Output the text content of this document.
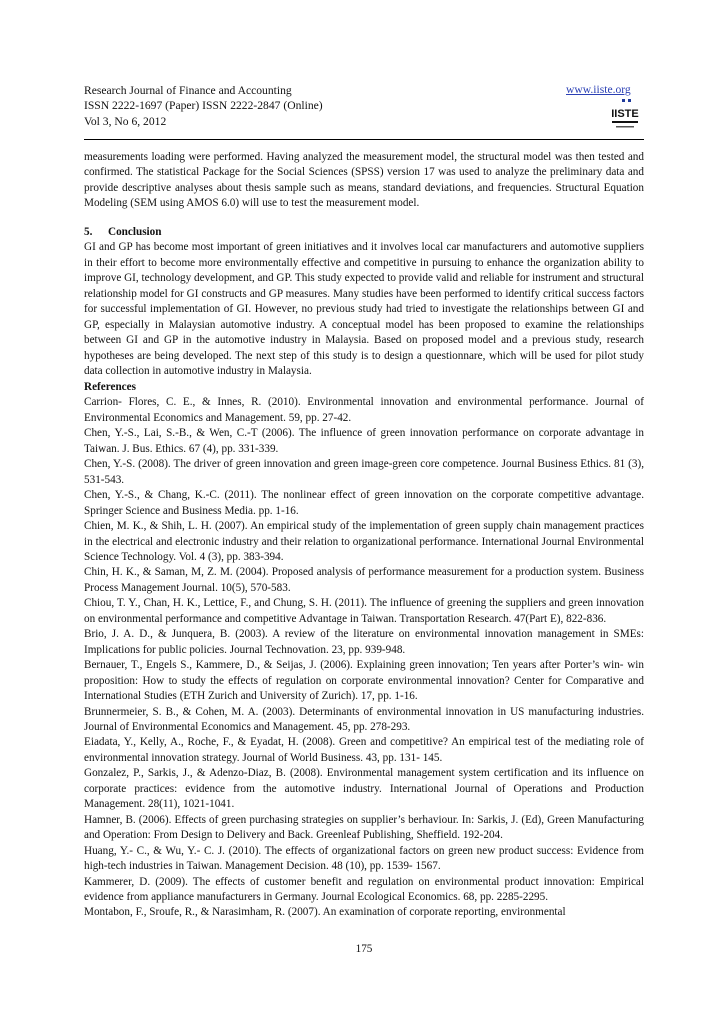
Research Journal of Finance and Accounting
ISSN 2222-1697 (Paper) ISSN 2222-2847 (Online)
Vol 3, No 6, 2012
www.iiste.org
IISTE

measurements loading were performed. Having analyzed the measurement model, the structural model was then tested and confirmed. The statistical Package for the Social Sciences (SPSS) version 17 was used to analyze the preliminary data and provide descriptive analyses about thesis sample such as means, standard deviations, and frequencies. Structural Equation Modeling (SEM using AMOS 6.0) will use to test the measurement model.

5. Conclusion

GI and GP has become most important of green initiatives and it involves local car manufacturers and automotive suppliers in their effort to become more environmentally effective and competitive in pursuing to enhance the organization ability to improve GI, technology development, and GP. This study expected to provide valid and reliable for instrument and structural relationship model for GI constructs and GP measures. Many studies have been performed to identify critical success factors for successful implementation of GI. However, no previous study had tried to investigate the relationships between GI and GP, especially in Malaysian automotive industry. A conceptual model has been proposed to examine the relationships between GI and GP in the automotive industry in Malaysia. Based on proposed model and a previous study, research hypotheses are being developed. The next step of this study is to design a questionnare, which will be used for pilot study data collection in automotive industry in Malaysia.

References

Carrion- Flores, C. E., & Innes, R. (2010). Environmental innovation and environmental performance. Journal of Environmental Economics and Management. 59, pp. 27-42.

Chen, Y.-S., Lai, S.-B., & Wen, C.-T (2006). The influence of green innovation performance on corporate advantage in Taiwan. J. Bus. Ethics. 67 (4), pp. 331-339.

Chen, Y.-S. (2008). The driver of green innovation and green image-green core competence. Journal Business Ethics. 81 (3), 531-543.

Chen, Y.-S., & Chang, K.-C. (2011). The nonlinear effect of green innovation on the corporate competitive advantage. Springer Science and Business Media. pp. 1-16.

Chien, M. K., & Shih, L. H. (2007). An empirical study of the implementation of green supply chain management practices in the electrical and electronic industry and their relation to organizational performance. International Journal Environmental Science Technology. Vol. 4 (3), pp. 383-394.

Chin, H. K., & Saman, M, Z. M. (2004). Proposed analysis of performance measurement for a production system. Business Process Management Journal. 10(5), 570-583.

Chiou, T. Y., Chan, H. K., Lettice, F., and Chung, S. H. (2011). The influence of greening the suppliers and green innovation on environmental performance and competitive Advantage in Taiwan. Transportation Research. 47(Part E), 822-836.

Brio, J. A. D., & Junquera, B. (2003). A review of the literature on environmental innovation management in SMEs: Implications for public policies. Journal Technovation. 23, pp. 939-948.

Bernauer, T., Engels S., Kammere, D., & Seijas, J. (2006). Explaining green innovation; Ten years after Porter’s win- win proposition: How to study the effects of regulation on corporate environmental innovation? Center for Comparative and International Studies (ETH Zurich and University of Zurich). 17, pp. 1-16.

Brunnermeier, S. B., & Cohen, M. A. (2003). Determinants of environmental innovation in US manufacturing industries. Journal of Environmental Economics and Management. 45, pp. 278-293.

Eiadata, Y., Kelly, A., Roche, F., & Eyadat, H. (2008). Green and competitive? An empirical test of the mediating role of environmental innovation strategy. Journal of World Business. 43, pp. 131- 145.

Gonzalez, P., Sarkis, J., & Adenzo-Diaz, B. (2008). Environmental management system certification and its influence on corporate practices: evidence from the automotive industry. International Journal of Operations and Production Management. 28(11), 1021-1041.

Hamner, B. (2006). Effects of green purchasing strategies on supplier’s berhaviour. In: Sarkis, J. (Ed), Green Manufacturing and Operation: From Design to Delivery and Back. Greenleaf Publishing, Sheffield. 192-204.

Huang, Y.- C., & Wu, Y.- C. J. (2010). The effects of organizational factors on green new product success: Evidence from high-tech industries in Taiwan. Management Decision. 48 (10), pp. 1539- 1567.

Kammerer, D. (2009). The effects of customer benefit and regulation on environmental product innovation: Empirical evidence from appliance manufacturers in Germany. Journal Ecological Economics. 68, pp. 2285-2295.

Montabon, F., Sroufe, R., & Narasimham, R. (2007). An examination of corporate reporting, environmental

175
